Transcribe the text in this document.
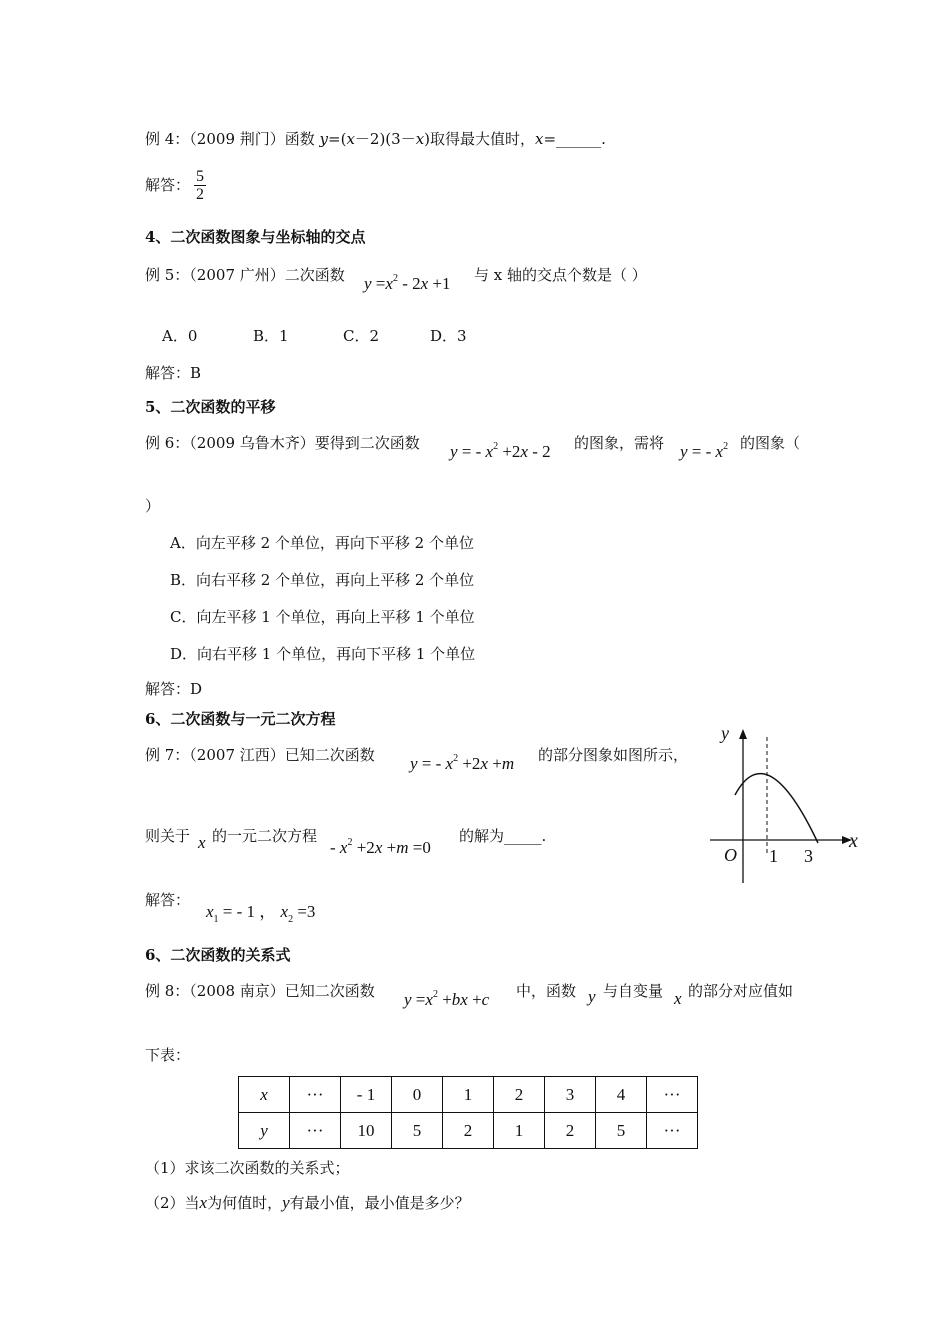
例 4：（2009 荆门）函数 y=(x－2)(3－x)取得最大值时，x=______.
解答： $\frac{5}{2}$
4、二次函数图象与坐标轴的交点
例 5：（2007 广州）二次函数 $y =x^2 - 2x +1$ 与 x 轴的交点个数是（ ）
A．0	B．1	C．2	D．3
解答：B
5、二次函数的平移
例 6：（2009 乌鲁木齐）要得到二次函数 y = - $x^2 +2x - 2$ 的图象，需将 y = - $x^2$ 的图象（
）
A．向左平移 2 个单位，再向下平移 2 个单位
B．向右平移 2 个单位，再向上平移 2 个单位
C．向左平移 1 个单位，再向上平移 1 个单位
D．向右平移 1 个单位，再向下平移 1 个单位
解答：D
6、二次函数与一元二次方程
例 7：（2007 江西）已知二次函数 y = - $x^2 +2x +m$ 的部分图象如图所示，
则关于 x 的一元二次方程
- $x^2 +2x +m =0$
的解为_____.
解答：
$x_1$ = - 1 ， $x_2 =3$
y
x
O 1 3
6、二次函数的关系式
例 8：（2008 南京）已知二次函数 $y =x^2 +bx +c$ 中，函数 y 与自变量 x 的部分对应值如
下表：
x	···	- 1	0	1	2	3	4	···
y	···	10	5	2	1	2	5	···
（1）求该二次函数的关系式；
（2）当x为何值时，y有最小值，最小值是多少？
